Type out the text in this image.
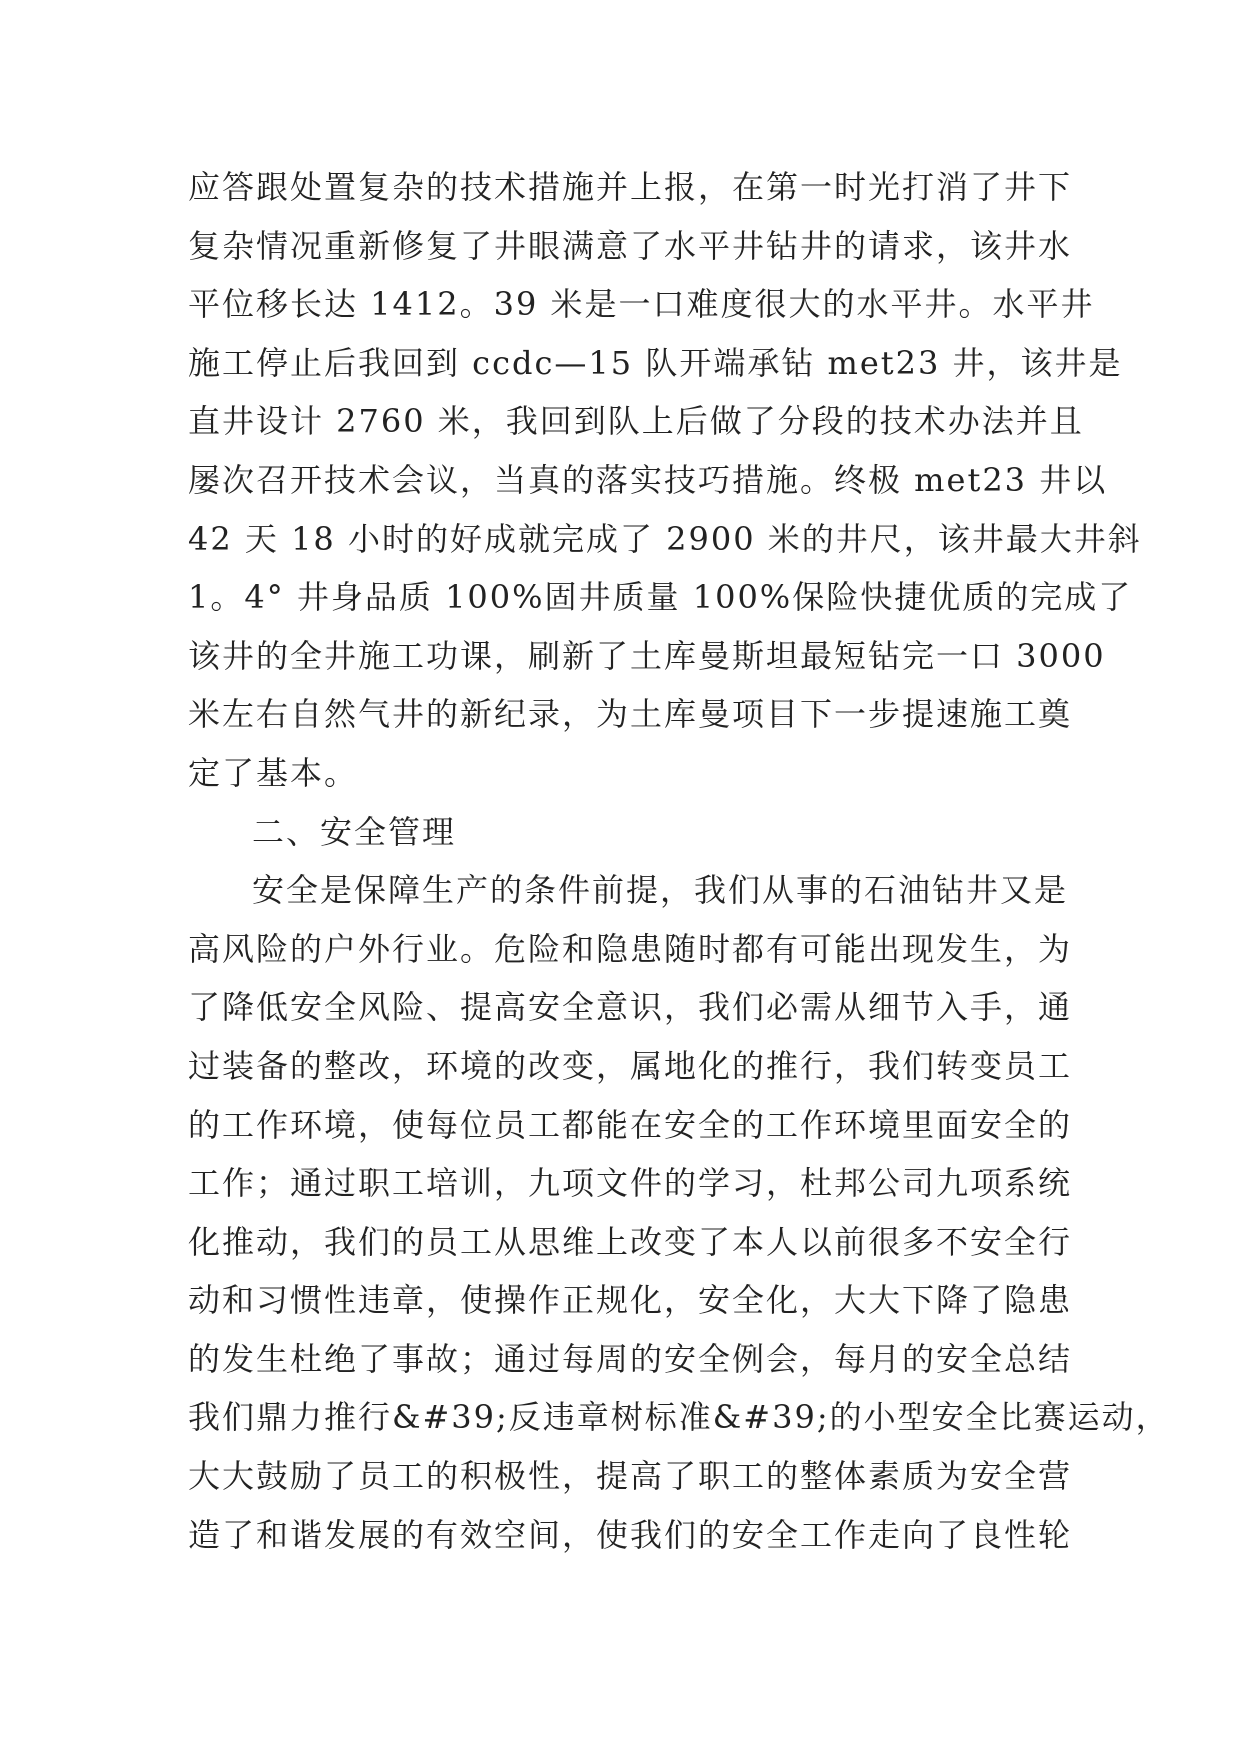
应答跟处置复杂的技术措施并上报，在第一时光打消了井下
复杂情况重新修复了井眼满意了水平井钻井的请求，该井水
平位移长达 1412。39 米是一口难度很大的水平井。水平井
施工停止后我回到 ccdc—15 队开端承钻 met23 井，该井是
直井设计 2760 米，我回到队上后做了分段的技术办法并且
屡次召开技术会议，当真的落实技巧措施。终极 met23 井以
42 天 18 小时的好成就完成了 2900 米的井尺，该井最大井斜
1。4° 井身品质 100%固井质量 100%保险快捷优质的完成了
该井的全井施工功课，刷新了土库曼斯坦最短钻完一口 3000
米左右自然气井的新纪录，为土库曼项目下一步提速施工奠
定了基本。
二、安全管理
安全是保障生产的条件前提，我们从事的石油钻井又是
高风险的户外行业。危险和隐患随时都有可能出现发生，为
了降低安全风险、提高安全意识，我们必需从细节入手，通
过装备的整改，环境的改变，属地化的推行，我们转变员工
的工作环境，使每位员工都能在安全的工作环境里面安全的
工作；通过职工培训，九项文件的学习，杜邦公司九项系统
化推动，我们的员工从思维上改变了本人以前很多不安全行
动和习惯性违章，使操作正规化，安全化，大大下降了隐患
的发生杜绝了事故；通过每周的安全例会，每月的安全总结
我们鼎力推行&#39;反违章树标准&#39;的小型安全比赛运动，
大大鼓励了员工的积极性，提高了职工的整体素质为安全营
造了和谐发展的有效空间，使我们的安全工作走向了良性轮
